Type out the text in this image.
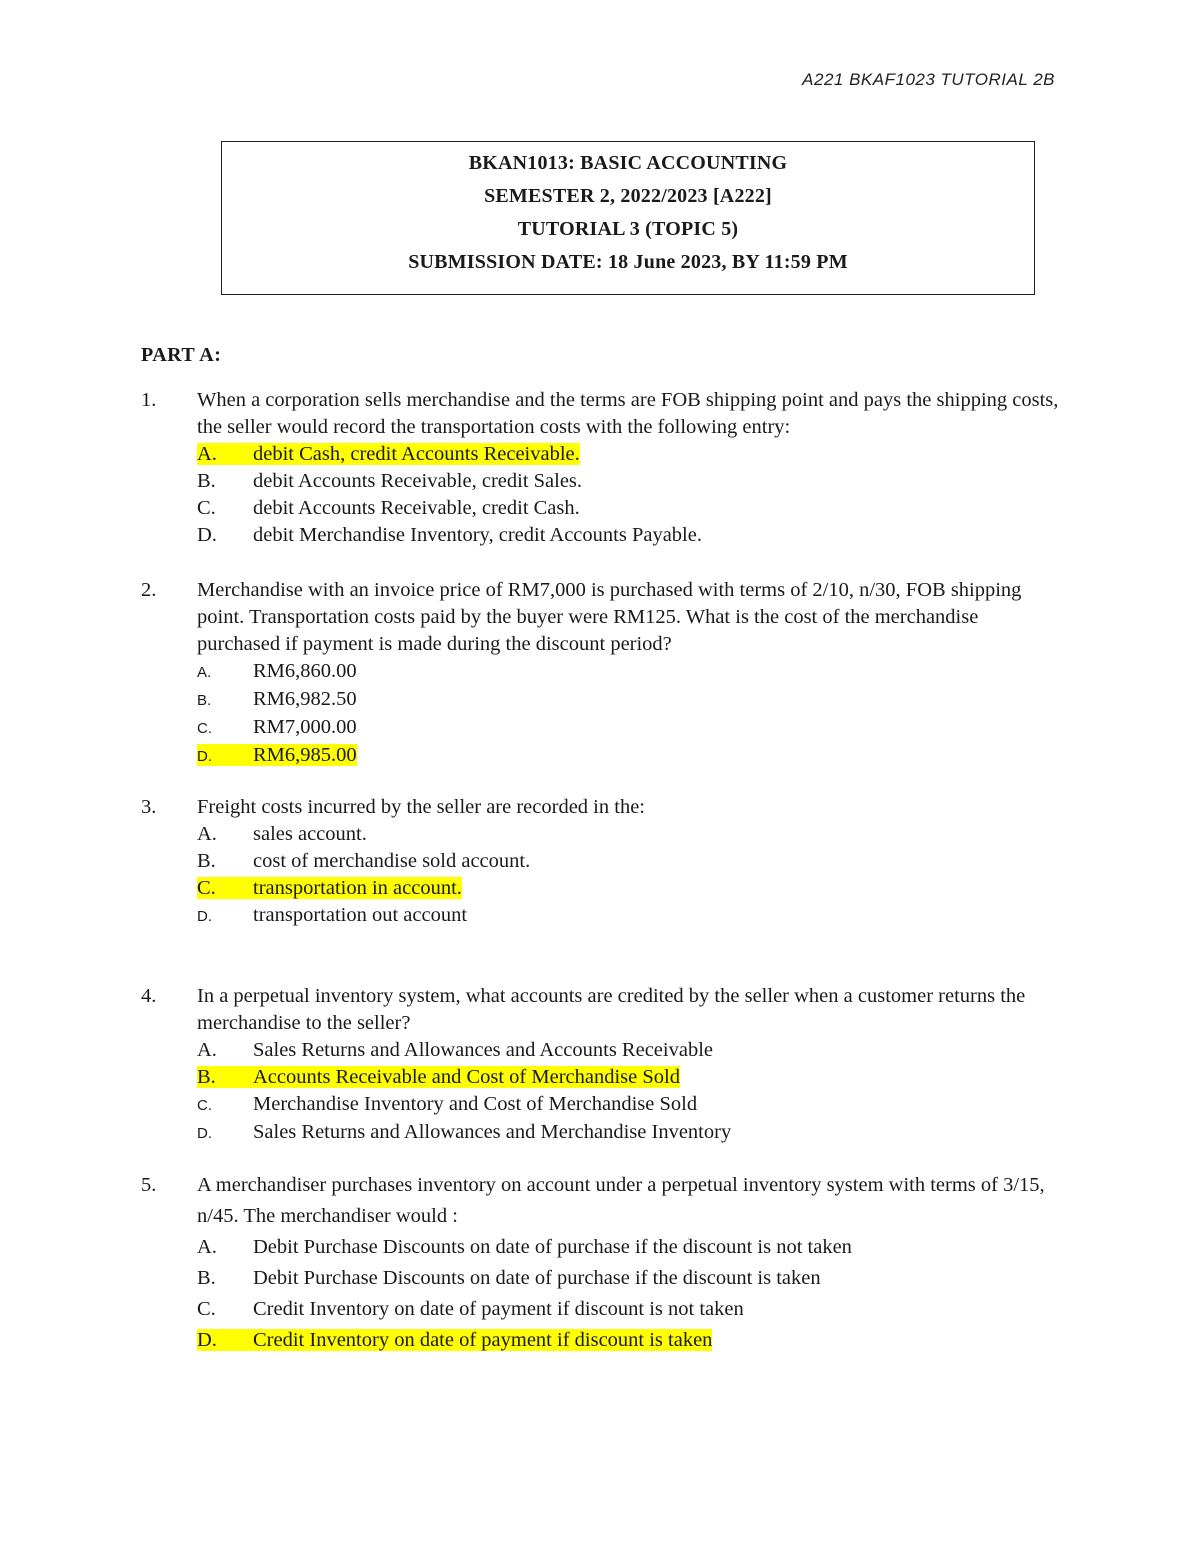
A221 BKAF1023 TUTORIAL 2B
BKAN1013: BASIC ACCOUNTING
SEMESTER 2, 2022/2023 [A222]
TUTORIAL 3 (TOPIC 5)
SUBMISSION DATE: 18 June 2023, BY 11:59 PM
PART A:
1. When a corporation sells merchandise and the terms are FOB shipping point and pays the shipping costs, the seller would record the transportation costs with the following entry:
A. debit Cash, credit Accounts Receivable.
B. debit Accounts Receivable, credit Sales.
C. debit Accounts Receivable, credit Cash.
D. debit Merchandise Inventory, credit Accounts Payable.
2. Merchandise with an invoice price of RM7,000 is purchased with terms of 2/10, n/30, FOB shipping point. Transportation costs paid by the buyer were RM125. What is the cost of the merchandise purchased if payment is made during the discount period?
A. RM6,860.00
B. RM6,982.50
C. RM7,000.00
D. RM6,985.00
3. Freight costs incurred by the seller are recorded in the:
A. sales account.
B. cost of merchandise sold account.
C. transportation in account.
D. transportation out account
4. In a perpetual inventory system, what accounts are credited by the seller when a customer returns the merchandise to the seller?
A. Sales Returns and Allowances and Accounts Receivable
B. Accounts Receivable and Cost of Merchandise Sold
C. Merchandise Inventory and Cost of Merchandise Sold
D. Sales Returns and Allowances and Merchandise Inventory
5. A merchandiser purchases inventory on account under a perpetual inventory system with terms of 3/15, n/45. The merchandiser would :
A. Debit Purchase Discounts on date of purchase if the discount is not taken
B. Debit Purchase Discounts on date of purchase if the discount is taken
C. Credit Inventory on date of payment if discount is not taken
D. Credit Inventory on date of payment if discount is taken
